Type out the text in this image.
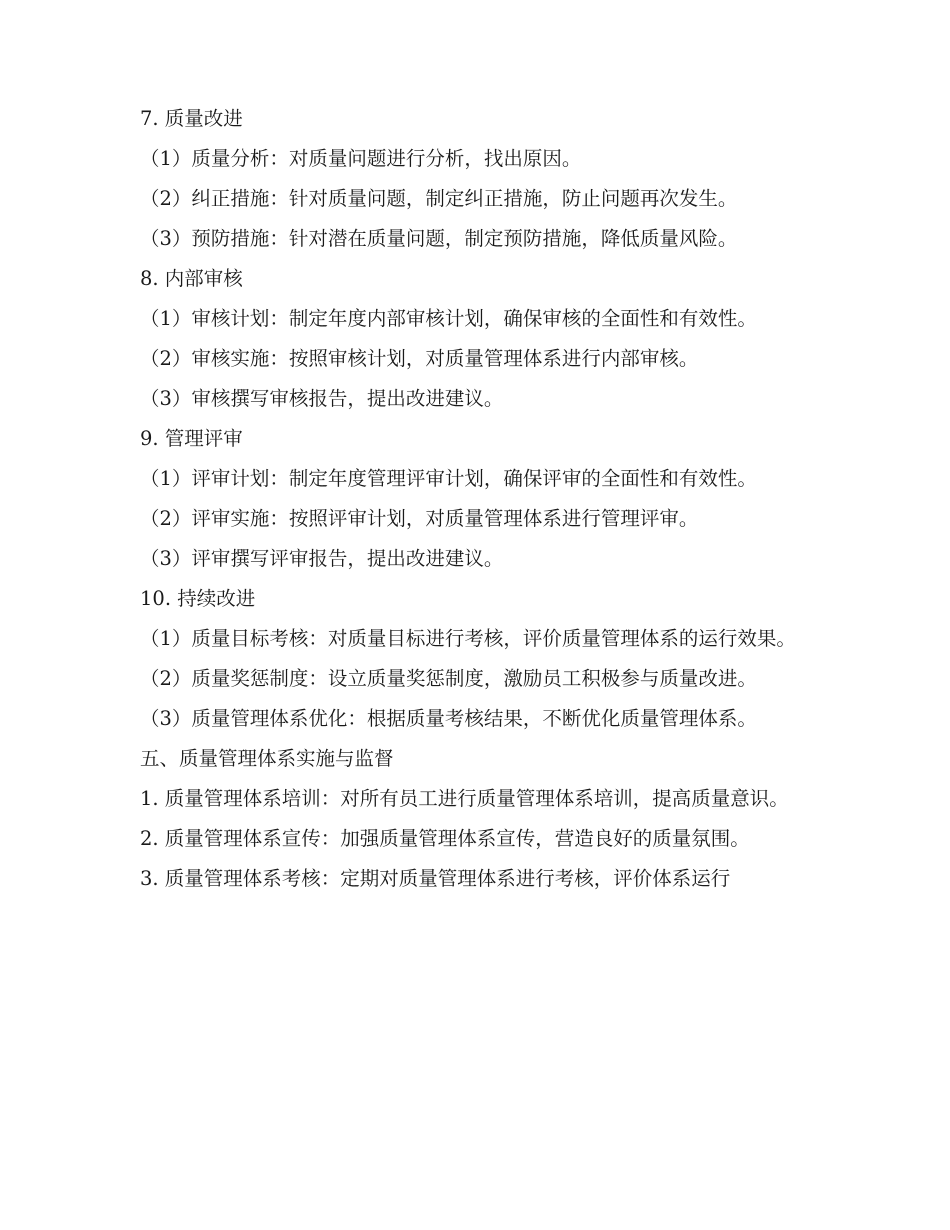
7. 质量改进

（1）质量分析：对质量问题进行分析，找出原因。

（2）纠正措施：针对质量问题，制定纠正措施，防止问题再次发生。

（3）预防措施：针对潜在质量问题，制定预防措施，降低质量风险。

8. 内部审核

（1）审核计划：制定年度内部审核计划，确保审核的全面性和有效性。

（2）审核实施：按照审核计划，对质量管理体系进行内部审核。

（3）审核撰写审核报告，提出改进建议。

9. 管理评审

（1）评审计划：制定年度管理评审计划，确保评审的全面性和有效性。

（2）评审实施：按照评审计划，对质量管理体系进行管理评审。

（3）评审撰写评审报告，提出改进建议。

10. 持续改进

（1）质量目标考核：对质量目标进行考核，评价质量管理体系的运行效果。

（2）质量奖惩制度：设立质量奖惩制度，激励员工积极参与质量改进。

（3）质量管理体系优化：根据质量考核结果，不断优化质量管理体系。

五、质量管理体系实施与监督

1. 质量管理体系培训：对所有员工进行质量管理体系培训，提高质量意识。

2. 质量管理体系宣传：加强质量管理体系宣传，营造良好的质量氛围。

3. 质量管理体系考核：定期对质量管理体系进行考核，评价体系运行
